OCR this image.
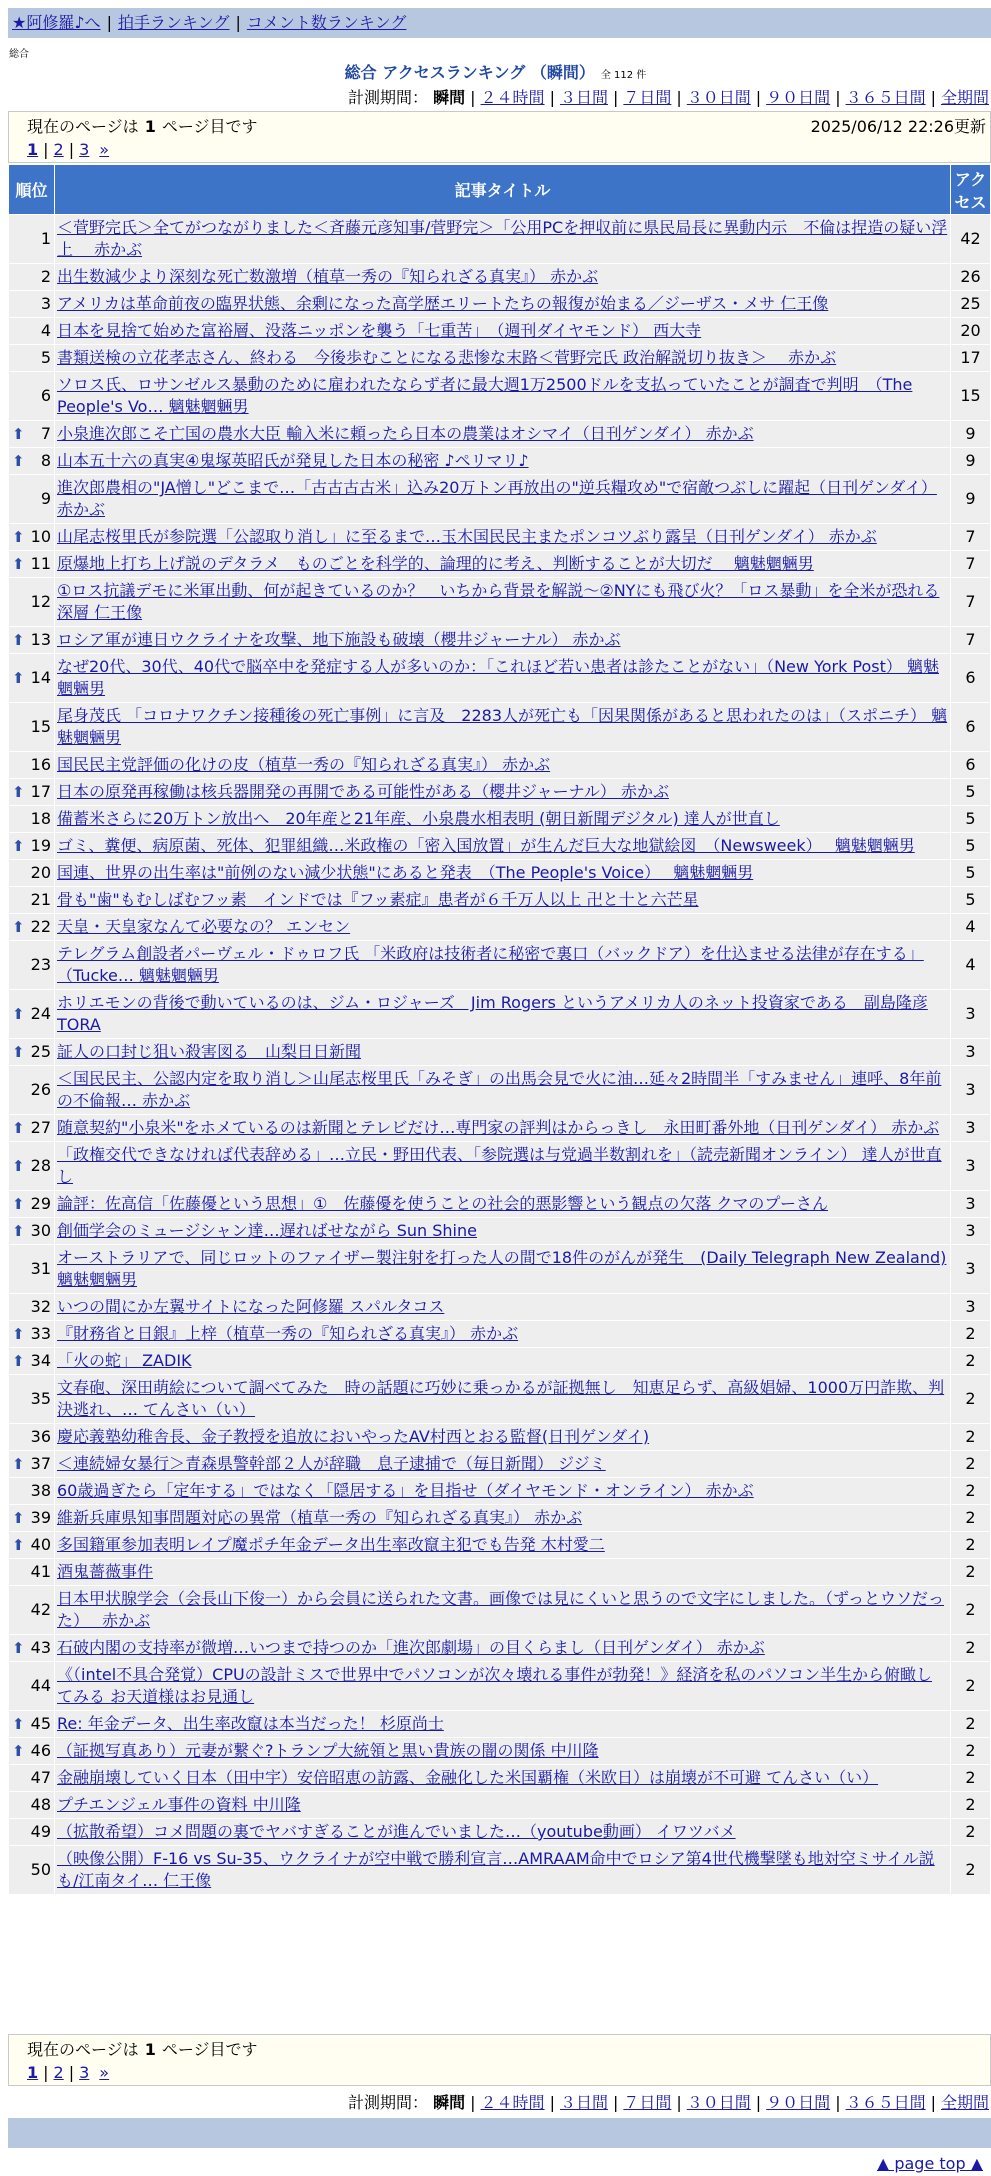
★阿修羅♪へ | 拍手ランキング | コメント数ランキング
総合
総合 アクセスランキング （瞬間） 全 112 件
計測期間： 瞬間 | ２４時間 | ３日間 | ７日間 | ３０日間 | ９０日間 | ３６５日間 | 全期間
現在のページは 1 ページ目です	2025/06/12 22:26更新
1 | 2 | 3 »
順位	記事タイトル	アクセス
1	＜菅野完氏＞全てがつながりました＜斉藤元彦知事/菅野完＞「公用PCを押収前に県民局長に異動内示　不倫は捏造の疑い浮上　 赤かぶ	42
2	出生数減少より深刻な死亡数激増（植草一秀の『知られざる真実』） 赤かぶ	26
3	アメリカは革命前夜の臨界状態、余剰になった高学歴エリートたちの報復が始まる／ジーザス・メサ 仁王像	25
4	日本を見捨て始めた富裕層、没落ニッポンを襲う「七重苦」　（週刊ダイヤモンド） 西大寺	20
5	書類送検の立花孝志さん、終わる　今後歩むことになる悲惨な末路＜菅野完氏 政治解説切り抜き＞　 赤かぶ	17
6	ソロス氏、ロサンゼルス暴動のために雇われたならず者に最大週1万2500ドルを支払っていたことが調査で判明　（The People's Vo… 魑魅魍魎男	15

⬆ 7	小泉進次郎こそ亡国の農水大臣 輸入米に頼ったら日本の農業はオシマイ（日刊ゲンダイ） 赤かぶ	9

⬆ 8	山本五十六の真実④鬼塚英昭氏が発見した日本の秘密 ♪ペリマリ♪	9
9	進次郎農相の"JA憎し"どこまで…「古古古古米」込み20万トン再放出の"逆兵糧攻め"で宿敵つぶしに躍起（日刊ゲンダイ） 赤かぶ	9

⬆ 10	山尾志桜里氏が参院選「公認取り消し」に至るまで…玉木国民民主またポンコツぶり露呈（日刊ゲンダイ） 赤かぶ	7

⬆ 11	原爆地上打ち上げ説のデタラメ　ものごとを科学的、論理的に考え、判断することが大切だ　 魑魅魍魎男	7
12	①ロス抗議デモに米軍出動、何が起きているのか？　いちから背景を解説〜②NYにも飛び火？「ロス暴動」を全米が恐れる深層 仁王像	7

⬆ 13	ロシア軍が連日ウクライナを攻撃、地下施設も破壊（櫻井ジャーナル） 赤かぶ	7

⬆ 14	なぜ20代、30代、40代で脳卒中を発症する人が多いのか：「これほど若い患者は診たことがない」（New York Post） 魑魅魍魎男	6
15	尾身茂氏 「コロナワクチン接種後の死亡事例」に言及　2283人が死亡も「因果関係があると思われたのは」（スポニチ） 魑魅魍魎男	6
16	国民民主党評価の化けの皮（植草一秀の『知られざる真実』） 赤かぶ	6

⬆ 17	日本の原発再稼働は核兵器開発の再開である可能性がある（櫻井ジャーナル） 赤かぶ	5
18	備蓄米さらに20万トン放出へ　20年産と21年産、小泉農水相表明 (朝日新聞デジタル) 達人が世直し	5

⬆ 19	ゴミ、糞便、病原菌、死体、犯罪組織…米政権の「密入国放置」が生んだ巨大な地獄絵図　（Newsweek）　 魑魅魍魎男	5
20	国連、世界の出生率は"前例のない減少状態"にあると発表　（The People's Voice）　 魑魅魍魎男	5
21	骨も"歯"もむしばむフッ素　インドでは『フッ素症』患者が６千万人以上 卍と十と六芒星	5

⬆ 22	天皇・天皇家なんて必要なの？ エンセン	4
23	テレグラム創設者パーヴェル・ドゥロフ氏 「米政府は技術者に秘密で裏口（バックドア）を仕込ませる法律が存在する」（Tucke… 魑魅魍魎男	4

⬆ 24	ホリエモンの背後で動いているのは、ジム・ロジャーズ　Jim Rogers というアメリカ人のネット投資家である　副島隆彦 TORA	3

⬆ 25	証人の口封じ狙い殺害図る　山梨日日新聞	3
26	＜国民民主、公認内定を取り消し＞山尾志桜里氏「みそぎ」の出馬会見で火に油…延々2時間半「すみません」連呼、8年前の不倫報… 赤かぶ	3

⬆ 27	随意契約"小泉米"をホメているのは新聞とテレビだけ…専門家の評判はからっきし　永田町番外地（日刊ゲンダイ） 赤かぶ	3

⬆ 28	「政権交代できなければ代表辞める」…立民・野田代表、「参院選は与党過半数割れを」（読売新聞オンライン） 達人が世直し	3

⬆ 29	論評：佐高信「佐藤優という思想」①　佐藤優を使うことの社会的悪影響という観点の欠落 クマのプーさん	3

⬆ 30	創価学会のミュージシャン達…遅ればせながら Sun Shine	3
31	オーストラリアで、同じロットのファイザー製注射を打った人の間で18件のがんが発生　(Daily Telegraph New Zealand) 魑魅魍魎男	3
32	いつの間にか左翼サイトになった阿修羅 スパルタコス	3

⬆ 33	『財務省と日銀』上梓（植草一秀の『知られざる真実』） 赤かぶ	2

⬆ 34	「火の蛇」 ZADIK	2
35	文春砲、深田萌絵について調べてみた　時の話題に巧妙に乗っかるが証拠無し　知恵足らず、高級娼婦、1000万円詐欺、判決逃れ、… てんさい（い）	2
36	慶応義塾幼稚舎長、金子教授を追放においやったAV村西とおる監督(日刊ゲンダイ)	2

⬆ 37	＜連続婦女暴行＞青森県警幹部２人が辞職　息子逮捕で（毎日新聞） ジジミ	2
38	60歳過ぎたら「定年する」ではなく「隠居する」を目指せ（ダイヤモンド・オンライン） 赤かぶ	2

⬆ 39	維新兵庫県知事問題対応の異常（植草一秀の『知られざる真実』） 赤かぶ	2

⬆ 40	多国籍軍参加表明レイプ魔ポチ年金データ出生率改竄主犯でも告発 木村愛二	2
41	酒鬼薔薇事件	2
42	日本甲状腺学会（会長山下俊一）から会員に送られた文書。画像では見にくいと思うので文字にしました。（ずっとウソだった）　 赤かぶ	2

⬆ 43	石破内閣の支持率が微増…いつまで持つのか「進次郎劇場」の目くらまし（日刊ゲンダイ） 赤かぶ	2
44	《（intel不具合発覚）CPUの設計ミスで世界中でパソコンが次々壊れる事件が勃発！》経済を私のパソコン半生から俯瞰してみる お天道様はお見通し	2

⬆ 45	Re: 年金データ、出生率改竄は本当だった！ 杉原尚士	2

⬆ 46	（証拠写真あり）元妻が繋ぐ?トランプ大統領と黒い貴族の闇の関係 中川隆	2
47	金融崩壊していく日本（田中宇）安倍昭恵の訪露、金融化した米国覇権（米欧日）は崩壊が不可避 てんさい（い）	2
48	プチエンジェル事件の資料 中川隆	2
49	（拡散希望）コメ問題の裏でヤバすぎることが進んでいました…（youtube動画） イワツバメ	2
50	（映像公開）F-16 vs Su-35、ウクライナが空中戦で勝利宣言…AMRAAM命中でロシア第4世代機撃墜も地対空ミサイル説も/江南タイ… 仁王像	2
現在のページは 1 ページ目です
1 | 2 | 3 »
計測期間： 瞬間 | ２４時間 | ３日間 | ７日間 | ３０日間 | ９０日間 | ３６５日間 | 全期間
▲ page top ▲
